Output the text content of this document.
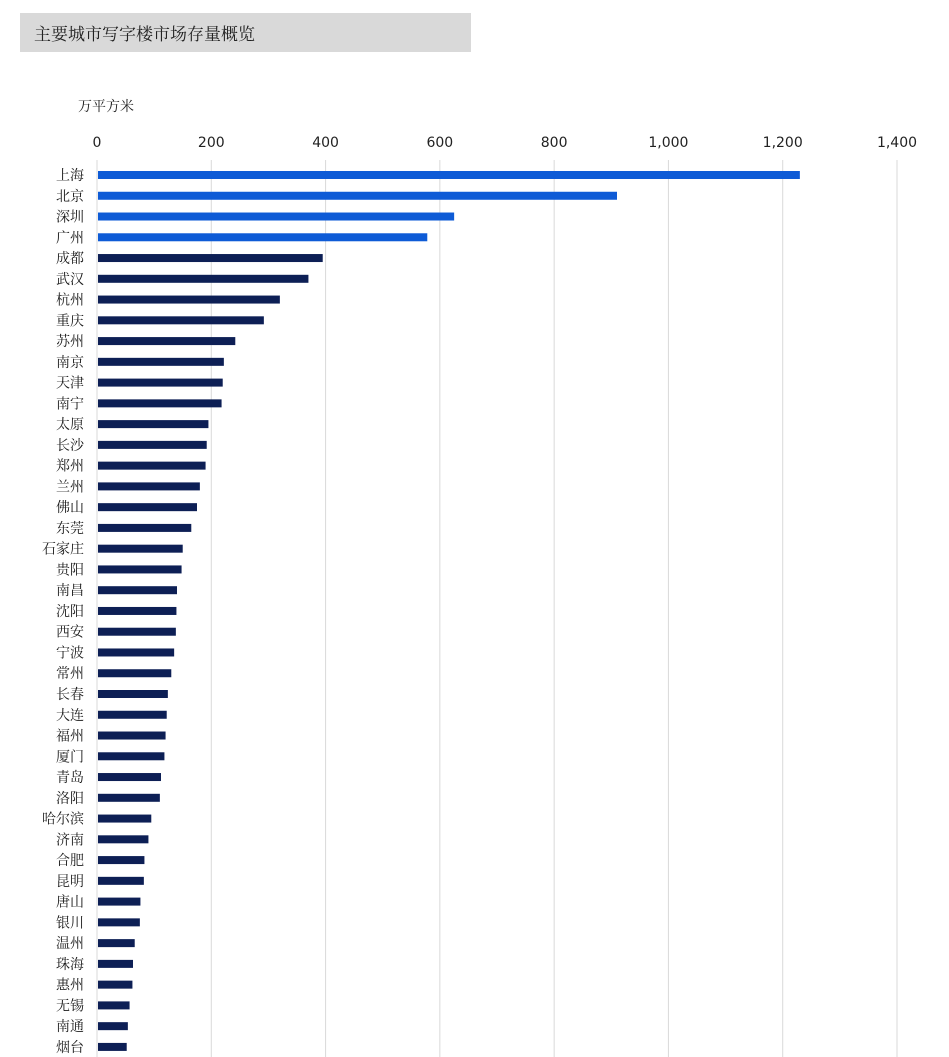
主要城市写字楼市场存量概览
万平方米
0	200	400	600	800	1,000	1,200	1,400
上海
北京
深圳
广州
成都
武汉
杭州
重庆
苏州
南京
天津
南宁
太原
长沙
郑州
兰州
佛山
东莞
石家庄
贵阳
南昌
沈阳
西安
宁波
常州
长春
大连
福州
厦门
青岛
洛阳
哈尔滨
济南
合肥
昆明
唐山
银川
温州
珠海
惠州
无锡
南通
烟台
